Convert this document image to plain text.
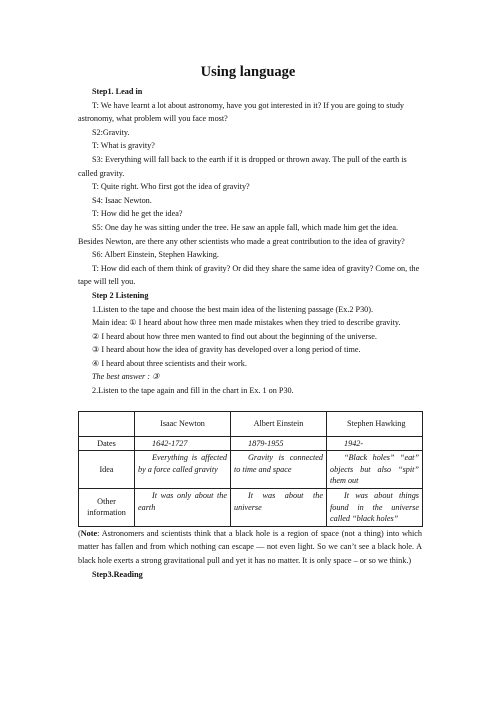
Using language

Step1. Lead in

T: We have learnt a lot about astronomy, have you got interested in it? If you are going to study astronomy, what problem will you face most?

S2:Gravity.

T: What is gravity?

S3: Everything will fall back to the earth if it is dropped or thrown away. The pull of the earth is called gravity.

T: Quite right. Who first got the idea of gravity?

S4: Isaac Newton.

T: How did he get the idea?

S5: One day he was sitting under the tree. He saw an apple fall, which made him get the idea. Besides Newton, are there any other scientists who made a great contribution to the idea of gravity?

S6: Albert Einstein, Stephen Hawking.

T: How did each of them think of gravity? Or did they share the same idea of gravity? Come on, the tape will tell you.

Step 2 Listening

1.Listen to the tape and choose the best main idea of the listening passage (Ex.2 P30).

Main idea: ① I heard about how three men made mistakes when they tried to describe gravity.

② I heard about how three men wanted to find out about the beginning of the universe.

③ I heard about how the idea of gravity has developed over a long period of time.

④ I heard about three scientists and their work.

The best answer : ③

2.Listen to the tape again and fill in the chart in Ex. 1 on P30.

	Isaac Newton	Albert Einstein	Stephen Hawking
Dates	1642-1727	1879-1955	1942-
Idea	Everything is affected by a force called gravity	Gravity is connected to time and space	“Black holes” “eat” objects but also “spit” them out
Other information	It was only about the earth	It was about the universe	It was about things found in the universe called “black holes”

(Note: Astronomers and scientists think that a black hole is a region of space (not a thing) into which matter has fallen and from which nothing can escape — not even light. So we can’t see a black hole. A black hole exerts a strong gravitational pull and yet it has no matter. It is only space – or so we think.)

Step3.Reading
